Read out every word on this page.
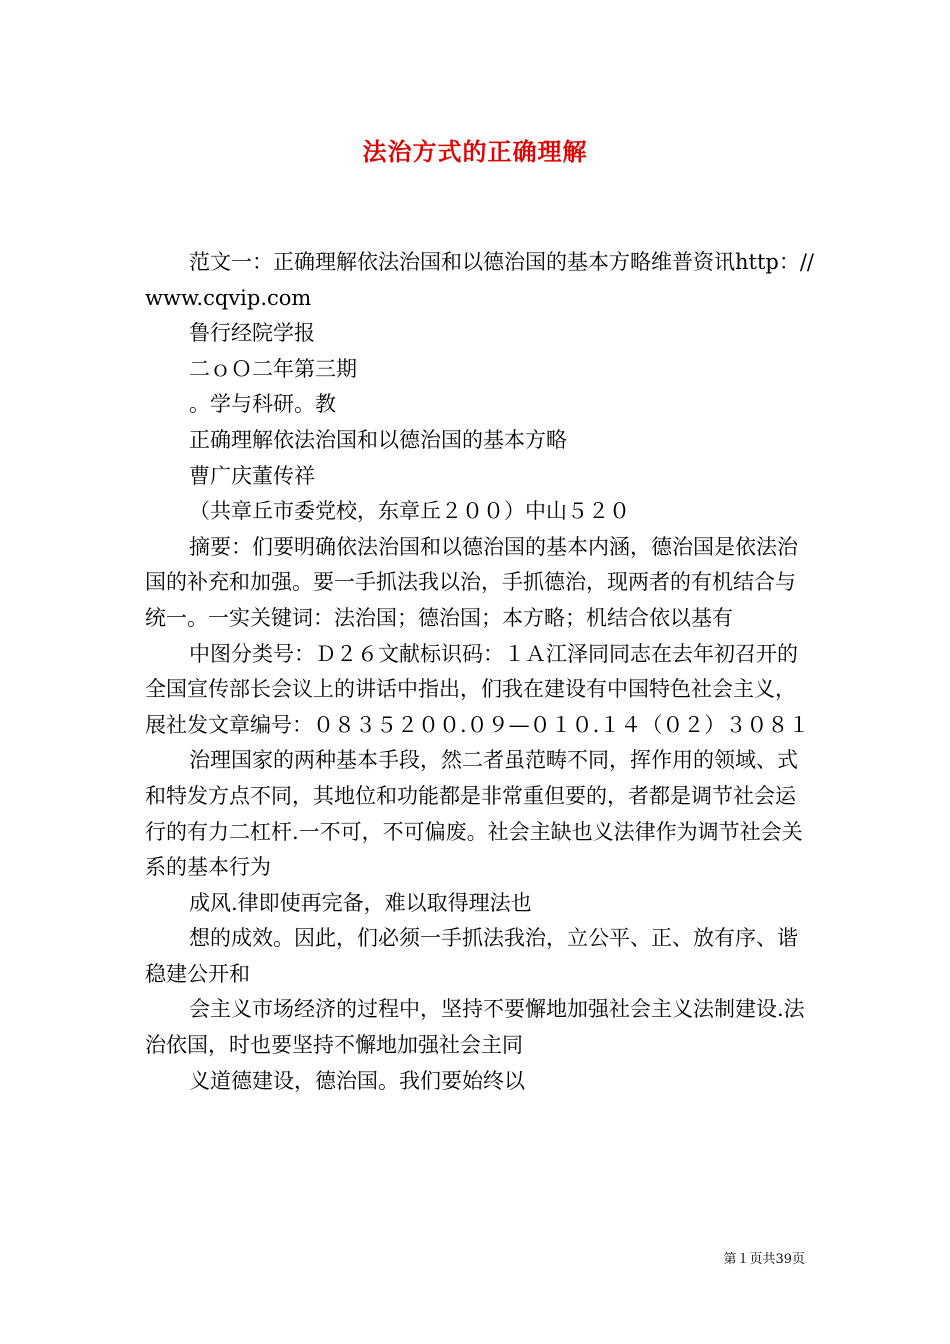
法治方式的正确理解

范文一：正确理解依法治国和以德治国的基本方略维普资讯http：//www.cqvip.com

鲁行经院学报

二ｏＯ二年第三期

。学与科研。教

正确理解依法治国和以德治国的基本方略

曹广庆董传祥

（共章丘市委党校，东章丘２００）中山５２０

摘要：们要明确依法治国和以德治国的基本内涵，德治国是依法治国的补充和加强。要一手抓法我以治，手抓德治，现两者的有机结合与统一。一实关键词：法治国；德治国；本方略；机结合依以基有

中图分类号：Ｄ２６文献标识码：１Ａ江泽同同志在去年初召开的全国宣传部长会议上的讲话中指出，们我在建设有中国特色社会主义，展社发文章编号：０８３５２００.０９—０１０.１４（０２）３０８１

治理国家的两种基本手段，然二者虽范畴不同，挥作用的领域、式和特发方点不同，其地位和功能都是非常重但要的，者都是调节社会运行的有力二杠杆.一不可，不可偏废。社会主缺也义法律作为调节社会关系的基本行为

成风.律即使再完备，难以取得理法也

想的成效。因此，们必须一手抓法我治，立公平、正、放有序、谐稳建公开和

会主义市场经济的过程中，坚持不要懈地加强社会主义法制建设.法治依国，时也要坚持不懈地加强社会主同

义道德建设，德治国。我们要始终以

第１页共39页
